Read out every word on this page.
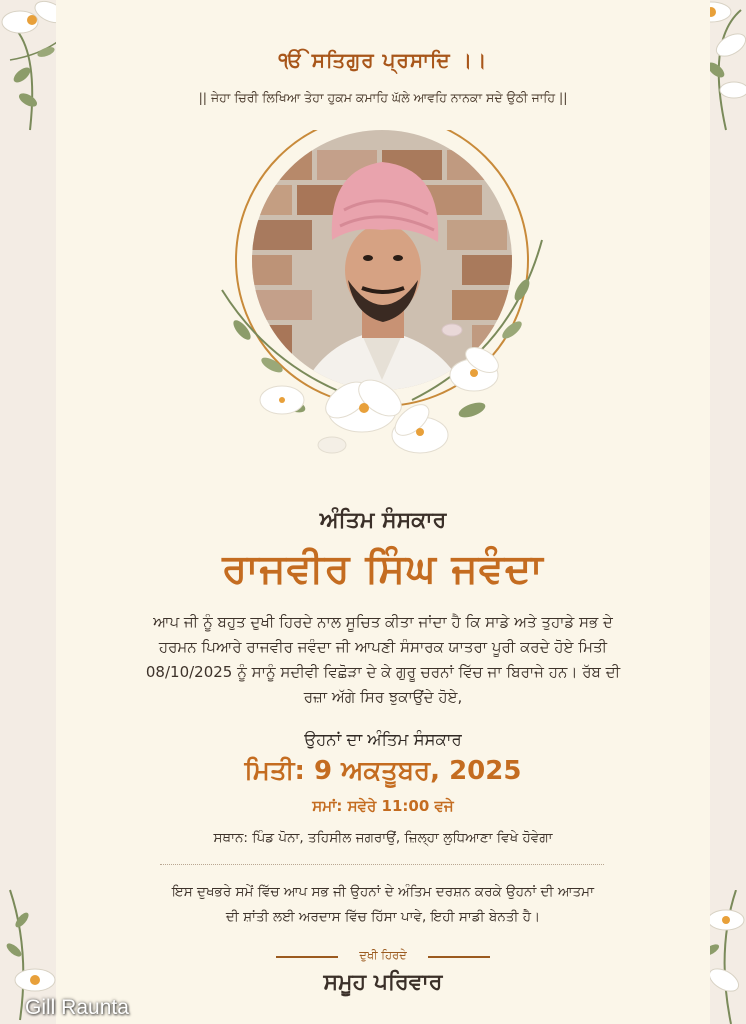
ੴ ਸਤਿਗੁਰ ਪ੍ਰਸਾਦਿ ।।
|| ਜੇਹਾ ਚਿਰੀ ਲਿਖਿਆ ਤੇਹਾ ਹੁਕਮ ਕਮਾਹਿ ਘੱਲੇ ਆਵਹਿ ਨਾਨਕਾ ਸਦੇ ਉਠੀ ਜਾਹਿ ||
ਅੰਤਿਮ ਸੰਸਕਾਰ
ਰਾਜਵੀਰ ਸਿੰਘ ਜਵੰਦਾ
ਆਪ ਜੀ ਨੂੰ ਬਹੁਤ ਦੁਖੀ ਹਿਰਦੇ ਨਾਲ ਸੂਚਿਤ ਕੀਤਾ ਜਾਂਦਾ ਹੈ ਕਿ ਸਾਡੇ ਅਤੇ ਤੁਹਾਡੇ ਸਭ ਦੇ
ਹਰਮਨ ਪਿਆਰੇ ਰਾਜਵੀਰ ਜਵੰਦਾ ਜੀ ਆਪਣੀ ਸੰਸਾਰਕ ਯਾਤਰਾ ਪੂਰੀ ਕਰਦੇ ਹੋਏ ਮਿਤੀ
08/10/2025 ਨੂੰ ਸਾਨੂੰ ਸਦੀਵੀ ਵਿਛੋੜਾ ਦੇ ਕੇ ਗੁਰੂ ਚਰਨਾਂ ਵਿੱਚ ਜਾ ਬਿਰਾਜੇ ਹਨ। ਰੱਬ ਦੀ
ਰਜ਼ਾ ਅੱਗੇ ਸਿਰ ਝੁਕਾਉਂਦੇ ਹੋਏ,
ਉਹਨਾਂ ਦਾ ਅੰਤਿਮ ਸੰਸਕਾਰ
ਮਿਤੀ: 9 ਅਕਤੂਬਰ, 2025
ਸਮਾਂ: ਸਵੇਰੇ 11:00 ਵਜੇ
ਸਥਾਨ: ਪਿੰਡ ਪੋਨਾ, ਤਹਿਸੀਲ ਜਗਰਾਉਂ, ਜ਼ਿਲ੍ਹਾ ਲੁਧਿਆਣਾ ਵਿਖੇ ਹੋਵੇਗਾ
ਇਸ ਦੁਖਭਰੇ ਸਮੇਂ ਵਿੱਚ ਆਪ ਸਭ ਜੀ ਉਹਨਾਂ ਦੇ ਅੰਤਿਮ ਦਰਸ਼ਨ ਕਰਕੇ ਉਹਨਾਂ ਦੀ ਆਤਮਾ
ਦੀ ਸ਼ਾਂਤੀ ਲਈ ਅਰਦਾਸ ਵਿੱਚ ਹਿੱਸਾ ਪਾਵੇ, ਇਹੀ ਸਾਡੀ ਬੇਨਤੀ ਹੈ।
ਦੁਖੀ ਹਿਰਦੇ
ਸਮੂਹ ਪਰਿਵਾਰ
Gill Raunta
